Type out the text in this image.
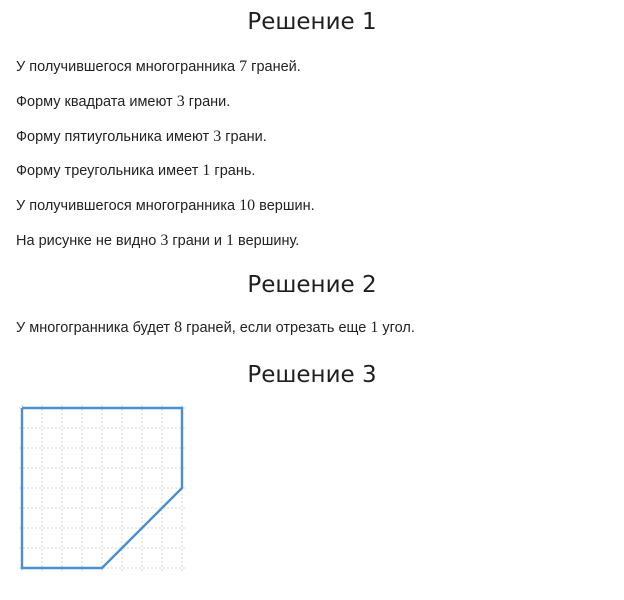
Решение 1
У получившегося многогранника 7 граней.
Форму квадрата имеют 3 грани.
Форму пятиугольника имеют 3 грани.
Форму треугольника имеет 1 грань.
У получившегося многогранника 10 вершин.
На рисунке не видно 3 грани и 1 вершину.
Решение 2
У многогранника будет 8 граней, если отрезать еще 1 угол.
Решение 3
